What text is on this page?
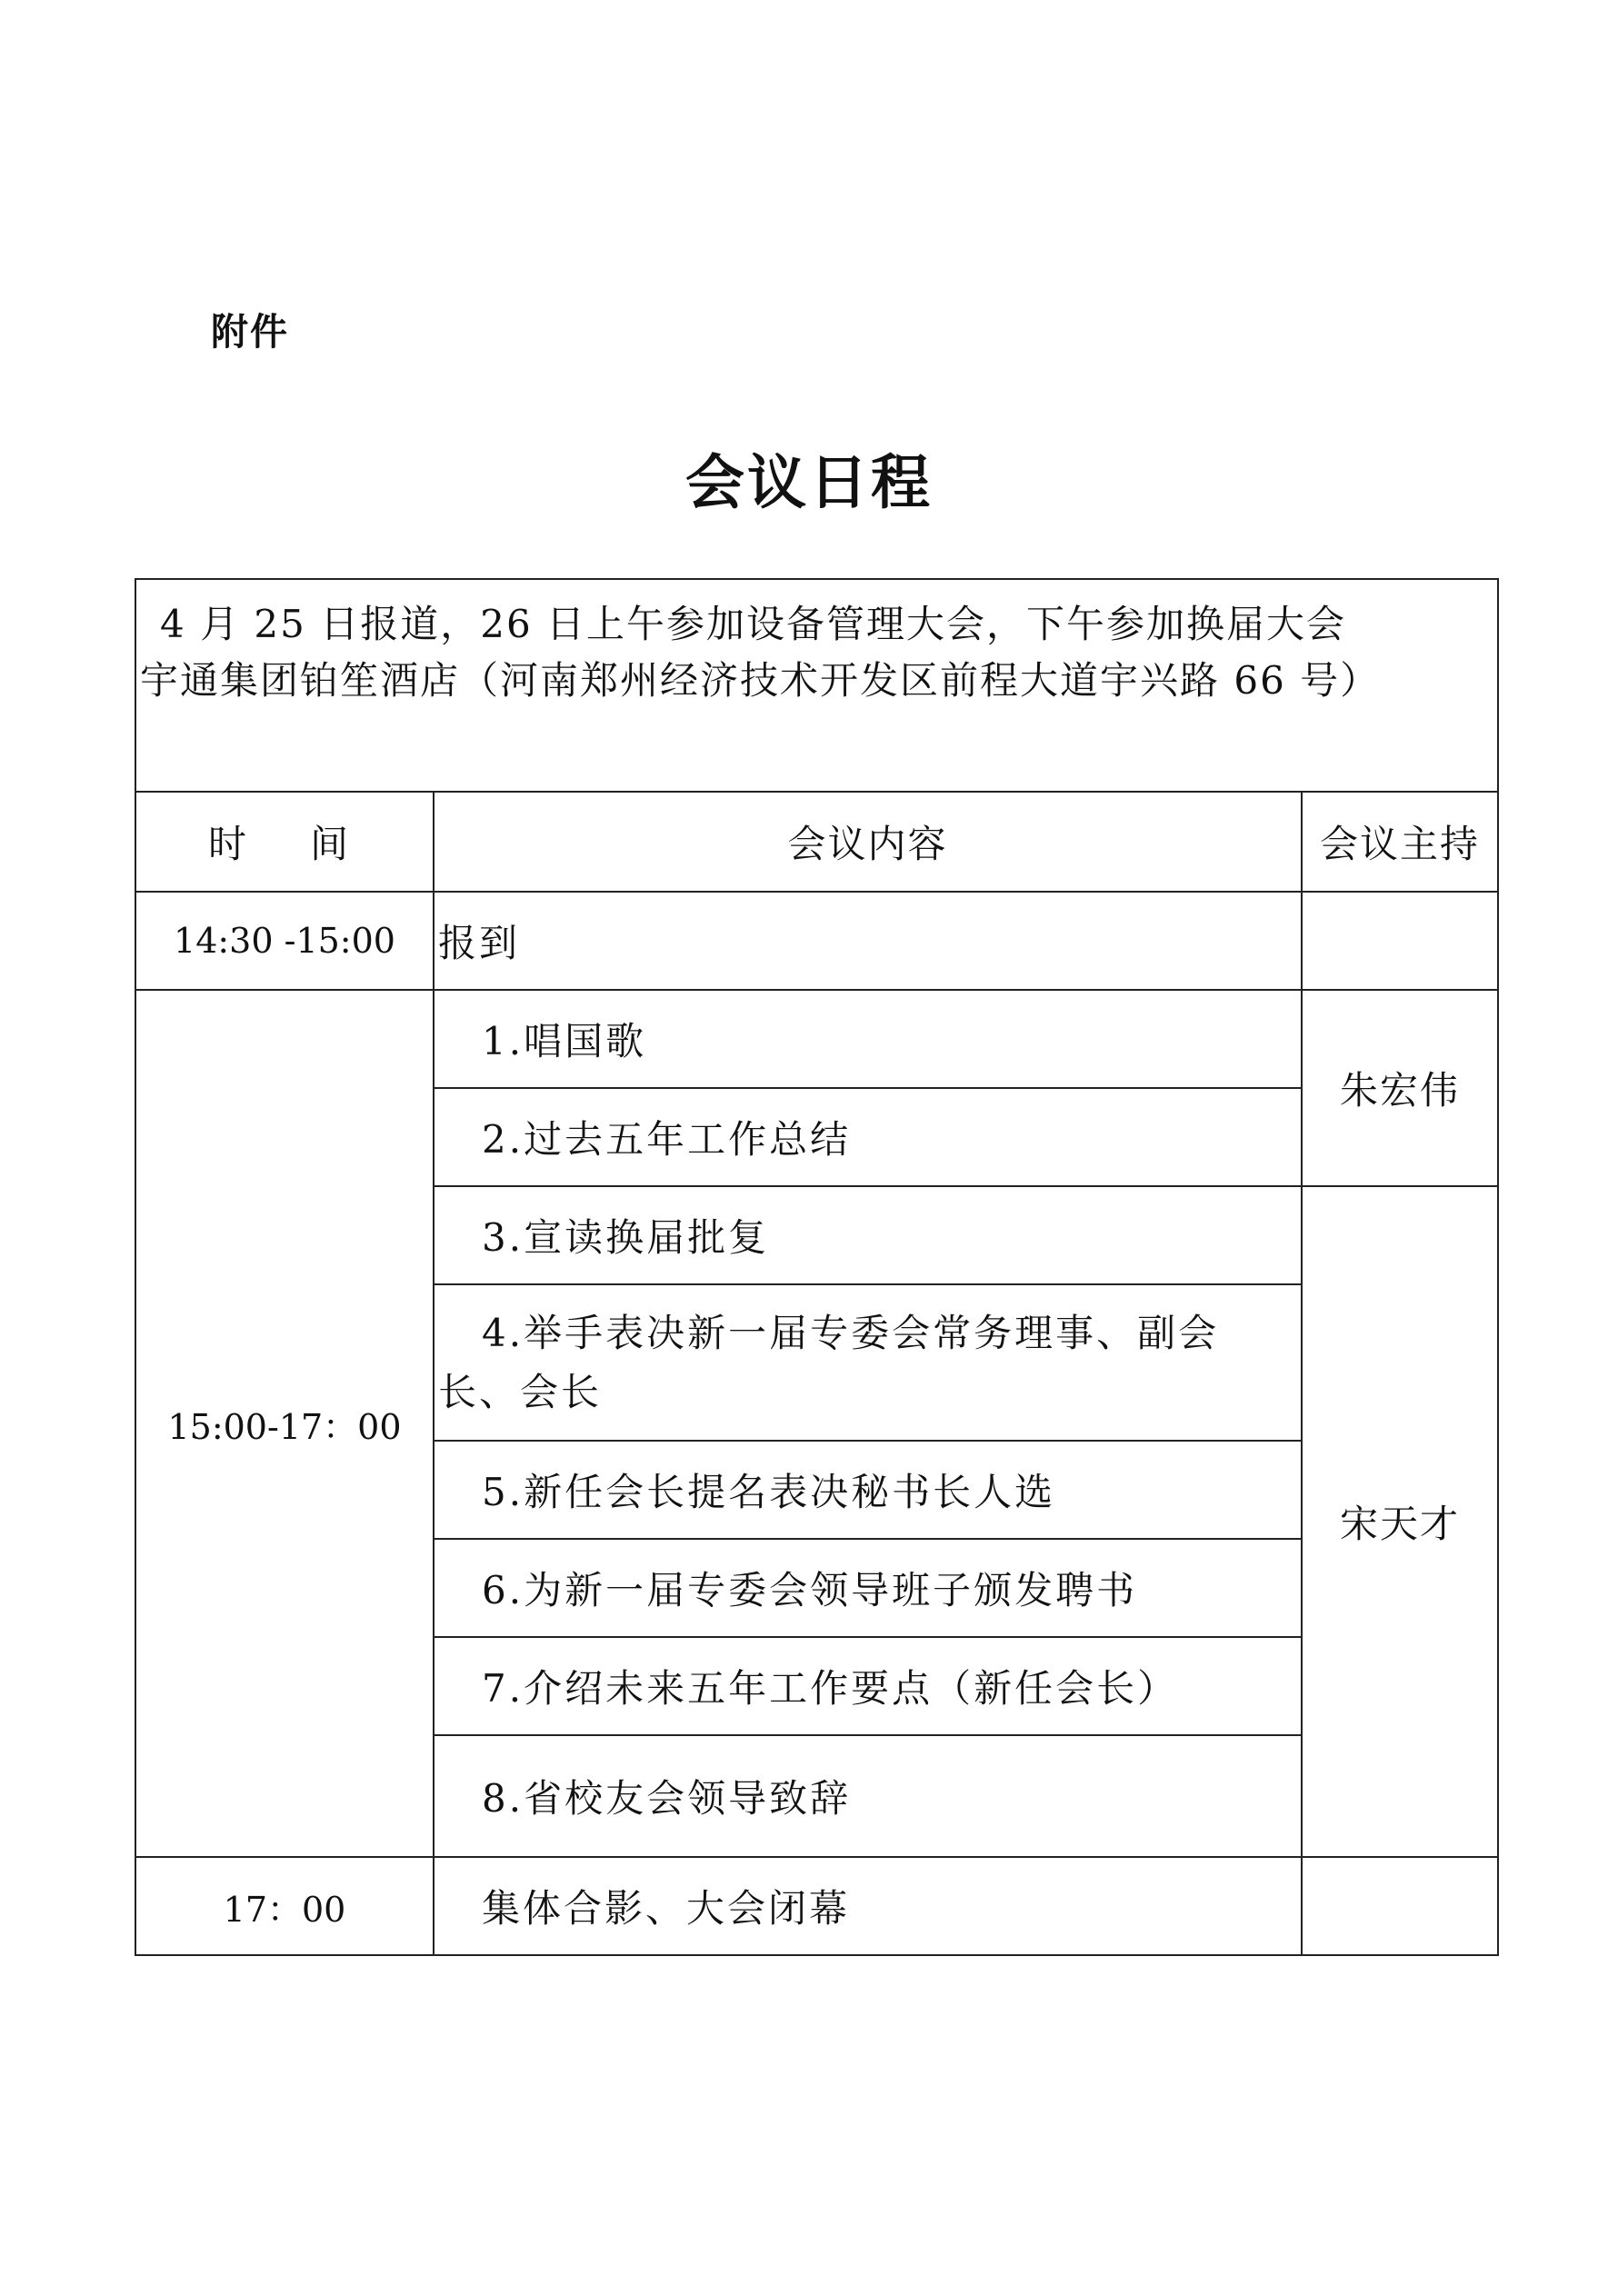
附件
会议日程
4 月 25 日报道，26 日上午参加设备管理大会，下午参加换届大会
宇通集团铂笙酒店（河南郑州经济技术开发区前程大道宇兴路 66 号）		

时　间	会议内容	会议主持
14:30 -15:00	报到	
15:00-17：00	1.唱国歌	朱宏伟
	2.过去五年工作总结	
	3.宣读换届批复	宋天才

	4.举手表决新一届专委会常务理事、副会
长、会长	

	5.新任会长提名表决秘书长人选	
	6.为新一届专委会领导班子颁发聘书	
	7.介绍未来五年工作要点（新任会长）	
	8.省校友会领导致辞	
17：00	集体合影、大会闭幕	
